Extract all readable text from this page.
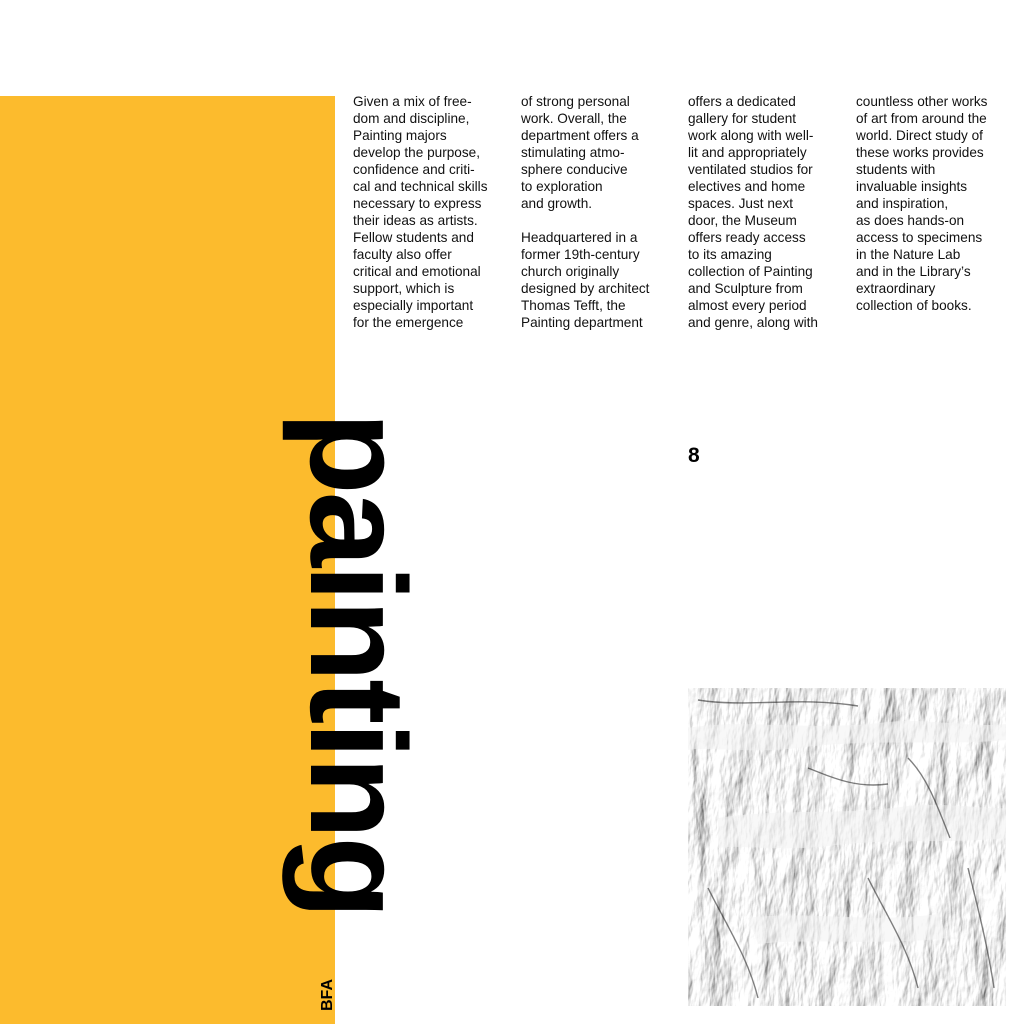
Given a mix of free-
dom and discipline,
Painting majors
develop the purpose,
confidence and criti-
cal and technical skills
necessary to express
their ideas as artists.
Fellow students and
faculty also offer
critical and emotional
support, which is
especially important
for the emergence

of strong personal
work. Overall, the
department offers a
stimulating atmo-
sphere conducive
to exploration
and growth.

Headquartered in a
former 19th-century
church originally
designed by architect
Thomas Tefft, the
Painting department

offers a dedicated
gallery for student
work along with well-
lit and appropriately
ventilated studios for
electives and home
spaces. Just next
door, the Museum
offers ready access
to its amazing
collection of Painting
and Sculpture from
almost every period
and genre, along with

countless other works
of art from around the
world. Direct study of
these works provides
students with
invaluable insights
and inspiration,
as does hands-on
access to specimens
in the Nature Lab
and in the Library’s
extraordinary
collection of books.

painting
BFA
8
